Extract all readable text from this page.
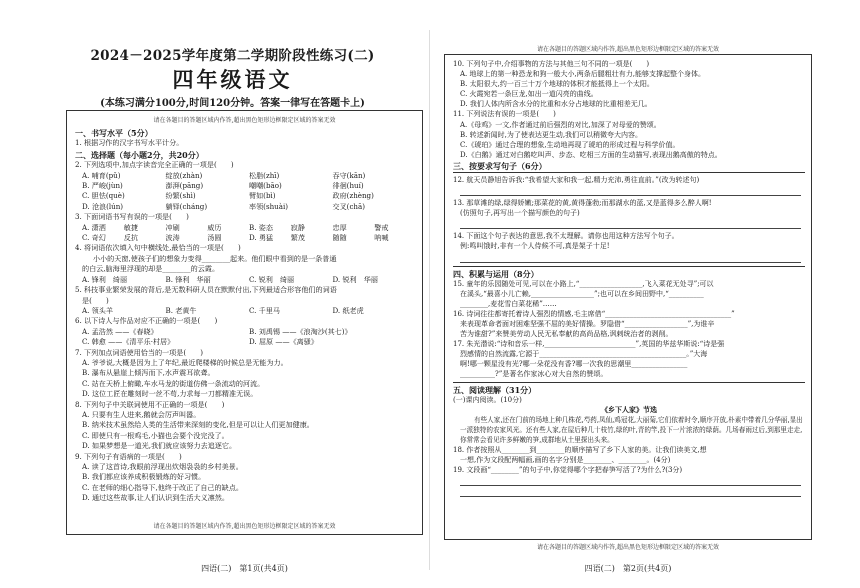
2024－2025学年度第二学期阶段性练习(二)
四年级语文
(本练习满分100分,时间120分钟。答案一律写在答题卡上)
请在各题目的答题区域内作答,超出黑色矩形边框限定区域的答案无效
一、书写水平（5分）
1. 根据习作的汉字书写水平计分。
二、选择题（每小题2分，共20分）
2. 下列选项中,加点字读音完全正确的一项是(　　)
A. 哺育(pǔ)	绽放(zhàn)	松脂(zhī)	吞守(kān)
B. 严峻(jùn)	澎湃(pāng)	嘲嘲(bāo)	徘徊(huí)
C. 胆怯(què)	纷繁(shì)	臂如(bì)	政府(zhèng)
D. 沧浪(lún)	躺铎(cháng)	率领(shuài)	交叉(chā)
3. 下面词语书写有误的一项是(　　)
A. 潇洒	敏捷	冲刷	威历	B. 姿态	寂静	忠厚	警戒
C. 奇幻	反抗	波涛	汤圆	D. 勇猛	繁茂	随随	呐喊
4. 将词语依次填入句中横线处,最恰当的一项是(　　)
小小的天窗,使孩子们的想象力变得________起来。他们眼中看到的是一条普通
的白云,脑海里浮现的却是________的云霞。
A. 锋利　绮丽	B. 锋利　华丽	C. 锐利　绮丽	D. 锐利　华丽
5. 科技事业繁荣发展的背后,是无数科研人员在默默付出,下列最适合形容他们的词语
是(　　)
A. 领头羊	B. 老黄牛	C. 千里马	D. 纸老虎
6. 以下诗人与作品对应不正确的一项是(　　)
A. 孟浩然 ——《春晓》	B. 刘禹锡 ——《浪淘沙(其七)》
C. 韩愈 ——《清平乐·村居》	D. 屈原 ——《离骚》
7. 下列加点词语使用恰当的一项是(　　)
A. 爷爷说,大概是因为上了年纪,最近爬楼梯的时候总是无能为力。
B. 瀑布从悬崖上倾泻而下,水声震耳欲聋。
C. 站在天桥上俯瞰,车水马龙的街道仿佛一条流动的河流。
D. 这位工匠在雕刻时一丝不苟,力求每一刀都精准无误。
8. 下列句子中关联词使用不正确的一项是(　　)
A. 只要有生人进来,鹅就会厉声叫嚣。
B. 纳米技术虽然给人类的生活带来深刻的变化,但是可以让人们更加健康。
C. 即使只有一根鸡毛,小猫也会要个没完没了。
D. 如果梦想是一道光,我们就应该努力去追逐它。
9. 下列句子有语病的一项是(　　)
A. 读了这首诗,我眼前浮现出炊烟袅袅的乡村美景。
B. 我们都应该养成积极锻炼的好习惯。
C. 在老师的细心指导下,他终于改正了自己的缺点。
D. 通过这些故事,让人们认识到生活大义凛然。
请在各题目的答题区域内作答,超出黑色矩形边框限定区域的答案无效
四语(二)　第1页(共4页)
请在各题目的答题区域内作答,超出黑色矩形边框限定区域的答案无效
10. 下列句子中,介绍事物的方法与其他三句不同的一项是(　　)
A. 地球上的第一种恐龙和狗一般大小,两条后腿粗壮有力,能够支撑起整个身体。
B. 太阳很大,约一百三十万个地球的体积才能抵得上一个太阳。
C. 火霞宛若一条巨龙,如出一道闪亮的曲线。
D. 我们人体内所含水分的比重和水分占地球的比重相差无几。
11. 下列说法有误的一项是(　　)
A.《母鸡》一文,作者通过前后强烈的对比,加深了对母爱的赞颂。
B. 转述新闻时,为了使表达更生动,我们可以稍微夸大内容。
C.《琥珀》通过合理的想象,生动地再现了琥珀的形成过程与科学价值。
D.《白鹅》通过对白鹅吃叫声、步态、吃相三方面的生动描写,表现出鹅高傲的特点。
三、按要求写句子（6分）
12. 航天员静旭告诉我:“我希望大家和我一起,精力充沛,勇往直前。”(改为转述句)
13. 那草滩的绿,绿得娇嫩;那菜花的黄,黄得蓬勃;而那湖水的蓝,又是蓝得多么醉人啊!
(仿照句子,再写出一个描写颜色的句子)
14. 下面这个句子表达的意思,我不太理解。请你也用这种方法写个句子。
例:鸣叫饿时,非有一个人侍候不可,真是架子十足!
四、积累与运用（8分）
15. 童年的乐园随处可见,可以在小路上,“__________________,飞入菜花无处寻”;可以
在溪头,“最喜小儿亡赖,__________________”;也可以在乡间田野中,“__________
________,麦花雪白菜花稀”……
16. 诗词往往都寄托着诗人强烈的情感,毛主席借“____________________________________”
来表现革命者面对困难坚强不屈的美好情操。罗隐借“__________________”,为谁辛
苦为谁甜?”来赞美劳动人民无私奉献的高尚品格,讽刺统治者的剥削。
17. 朱光潜说:“诗和音乐一样,__________________________”,英国的华兹华斯说:“诗是强
烈感情的自然流露,它源于__________________________________________。”大海
啊!哪一颗星没有光?哪一朵花没有香?哪一次我的思潮里________________
__________?”是著名作家冰心对大自然的赞颂。
五、阅读理解（31分）
(一)课内阅读。(10分)
《乡下人家》节选
有些人家,还在门前的场地上种几株花,芍药,凤仙,鸡冠花,大丽菊,它们依着时令,顺序开放,朴素中带着几分华丽,显出一派独特的农家风光。还有些人家,在屋后种几十枝竹,绿的叶,青的竿,投下一片浓浓的绿荫。几场春雨过后,到那里走走,你常常会看见许多鲜嫩的笋,成群地从土里探出头来。
18. 作者按照从________到________的顺序描写了乡下人家的美。让我们读美文,想
一想,作为文段配两幅画,画的名字分别是________、________。(4分)
19. 文段画“________”的句子中,你觉得哪个字把春笋写活了?为什么?(3分)
请在各题目的答题区域内作答,超出黑色矩形边框限定区域的答案无效
四语(二)　第2页(共4页)
